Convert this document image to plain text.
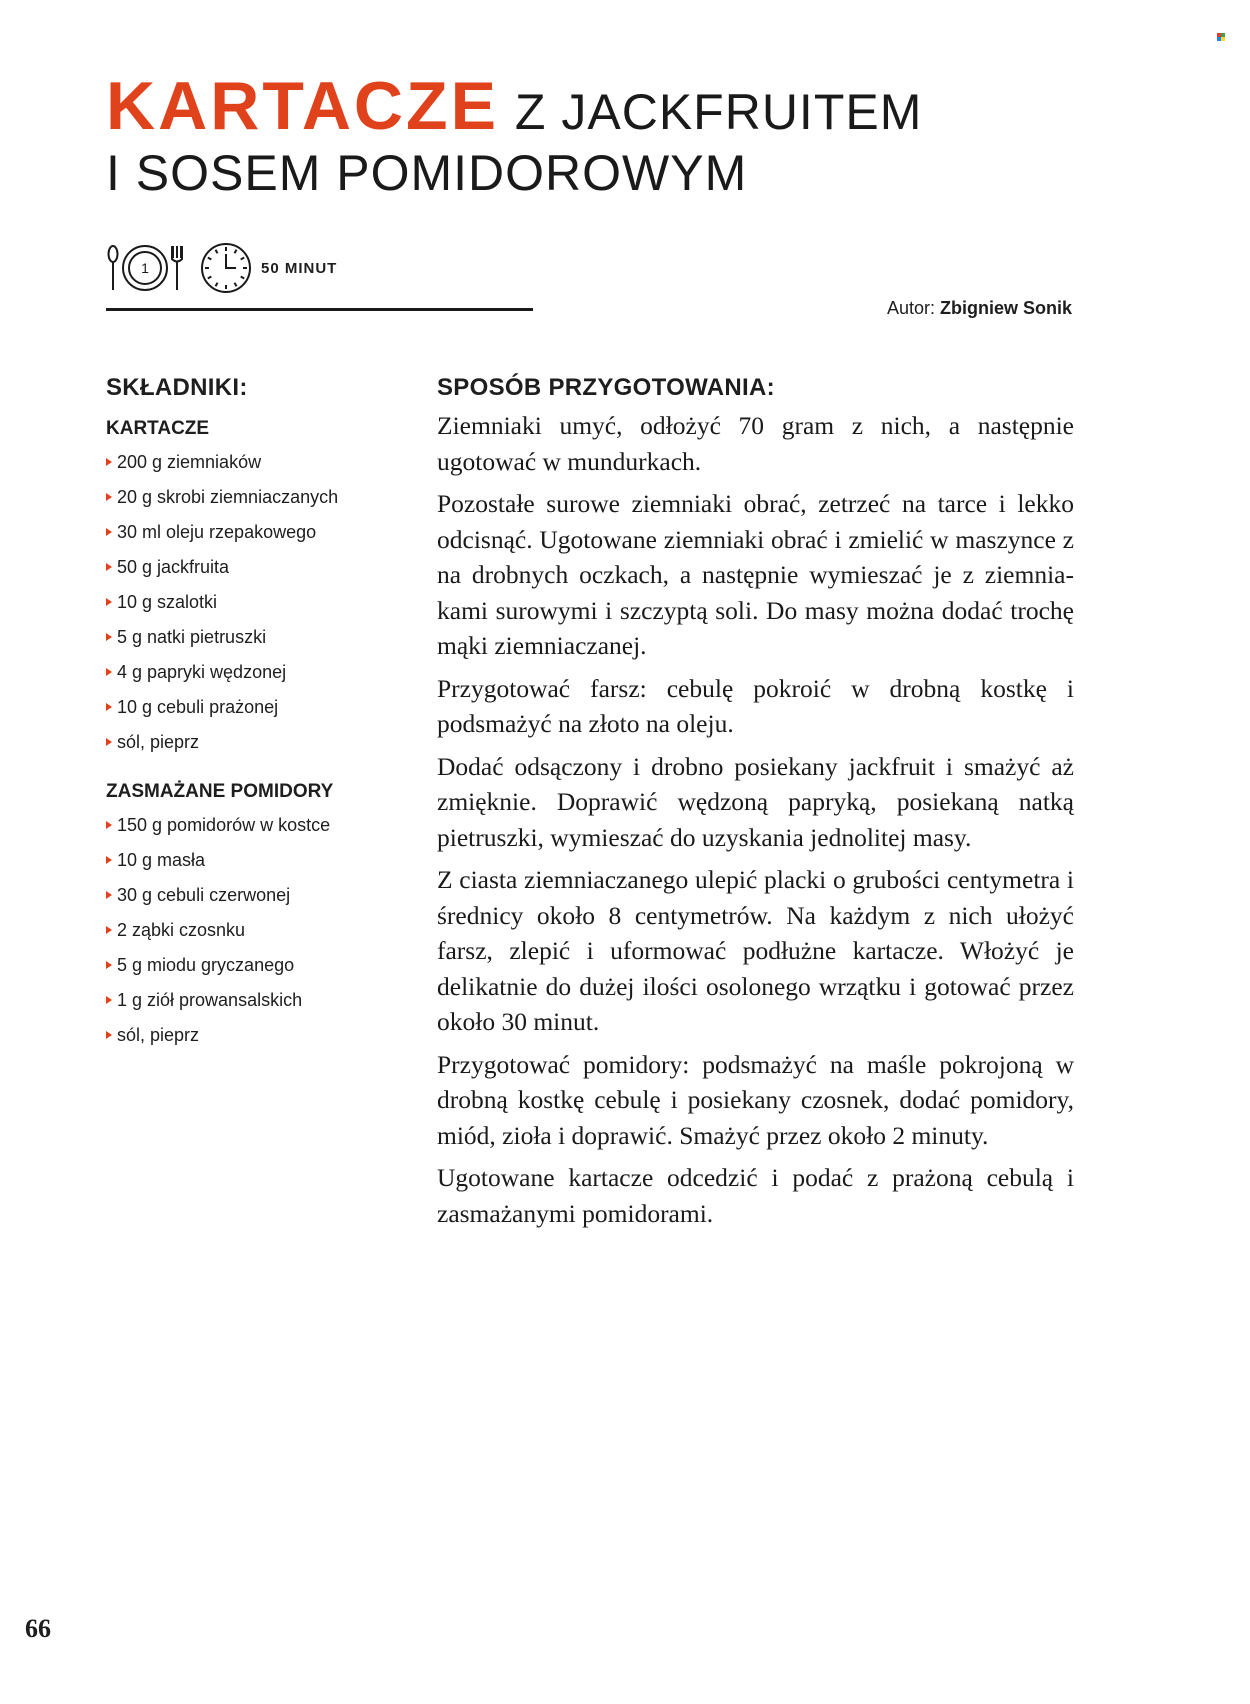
KARTACZE Z JACKFRUITEM
I SOSEM POMIDOROWYM
1	50 MINUT
Autor: Zbigniew Sonik
SKŁADNIKI:
KARTACZE
200 g ziemniaków
20 g skrobi ziemniaczanych
30 ml oleju rzepakowego
50 g jackfruita
10 g szalotki
5 g natki pietruszki
4 g papryki wędzonej
10 g cebuli prażonej
sól, pieprz
ZASMAŻANE POMIDORY
150 g pomidorów w kostce
10 g masła
30 g cebuli czerwonej
2 ząbki czosnku
5 g miodu gryczanego
1 g ziół prowansalskich
sól, pieprz
SPOSÓB PRZYGOTOWANIA:

Ziemniaki umyć, odłożyć 70 gram z nich, a następnie ugotować w mundurkach.

Pozostałe surowe ziemniaki obrać, zetrzeć na tarce i lekko odcisnąć. Ugotowane ziemniaki obrać i zmielić w maszynce z na drobnych oczkach, a następnie wymieszać je z ziemniakami surowymi i szczyptą soli. Do masy można dodać trochę mąki ziemniaczanej.

Przygotować farsz: cebulę pokroić w drobną kostkę i podsmażyć na złoto na oleju.

Dodać odsączony i drobno posiekany jackfruit i smażyć aż zmięknie. Doprawić wędzoną papryką, posiekaną natką pietruszki, wymieszać do uzyskania jednolitej masy.

Z ciasta ziemniaczanego ulepić placki o grubości centymetra i średnicy około 8 centymetrów. Na każdym z nich ułożyć farsz, zlepić i uformować podłużne kartacze. Włożyć je delikatnie do dużej ilości osolonego wrzątku i gotować przez około 30 minut.

Przygotować pomidory: podsmażyć na maśle pokrojoną w drobną kostkę cebulę i posiekany czosnek, dodać pomidory, miód, zioła i doprawić. Smażyć przez około 2 minuty.

Ugotowane kartacze odcedzić i podać z prażoną cebulą i zasmażanymi pomidorami.

66
